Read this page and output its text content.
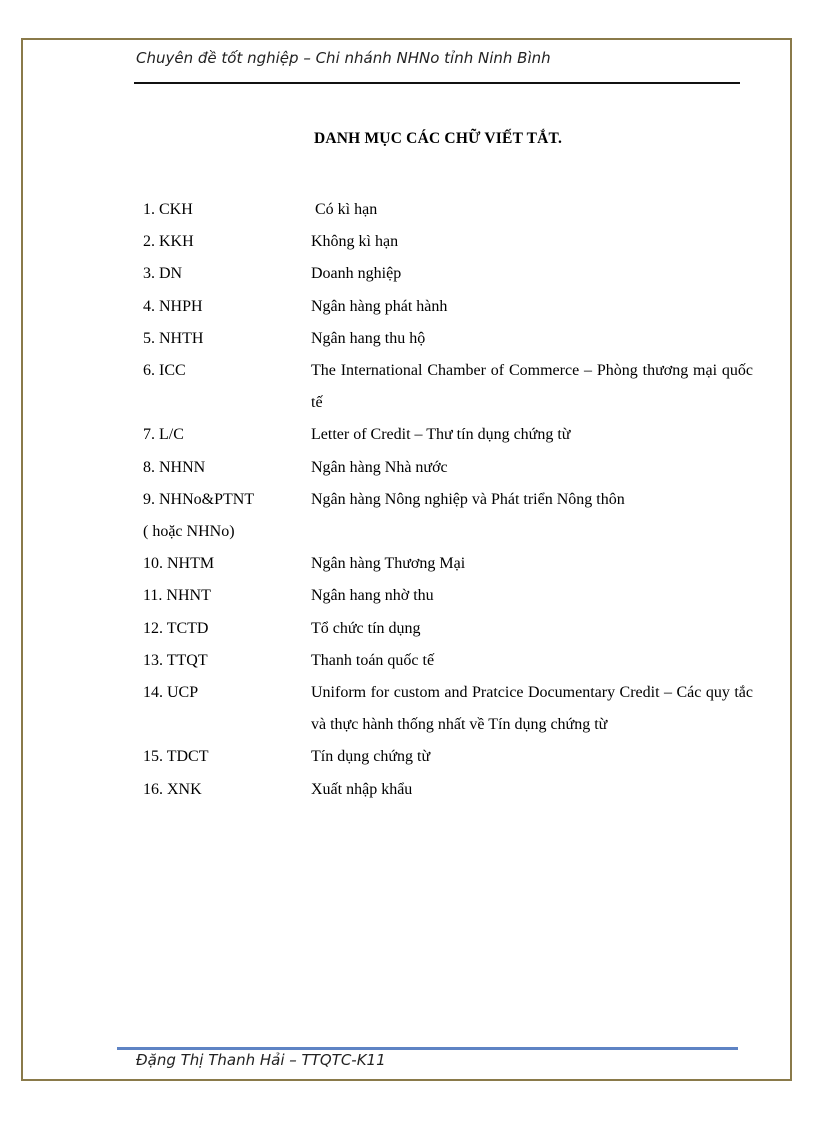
Chuyên đề tốt nghiệp – Chi nhánh NHNo tỉnh Ninh Bình
DANH MỤC CÁC CHỮ VIẾT TẮT.
1. CKH	Có kì hạn
2. KKH	Không kì hạn
3. DN	Doanh nghiệp
4. NHPH	Ngân hàng phát hành
5. NHTH	Ngân hang thu hộ
6. ICC	The International Chamber of Commerce – Phòng thương mại quốc tế
7. L/C	Letter of Credit – Thư tín dụng chứng từ
8. NHNN	Ngân hàng Nhà nước
9. NHNo&PTNT	Ngân hàng Nông nghiệp và Phát triển Nông thôn
( hoặc NHNo)
10. NHTM	Ngân hàng Thương Mại
11. NHNT	Ngân hang nhờ thu
12. TCTD	Tổ chức tín dụng
13. TTQT	Thanh toán quốc tế
14. UCP	Uniform for custom and Pratcice Documentary Credit – Các quy tắc và thực hành thống nhất về Tín dụng chứng từ
15. TDCT	Tín dụng chứng từ
16. XNK	Xuất nhập khẩu
Đặng Thị Thanh Hải – TTQTC-K11
